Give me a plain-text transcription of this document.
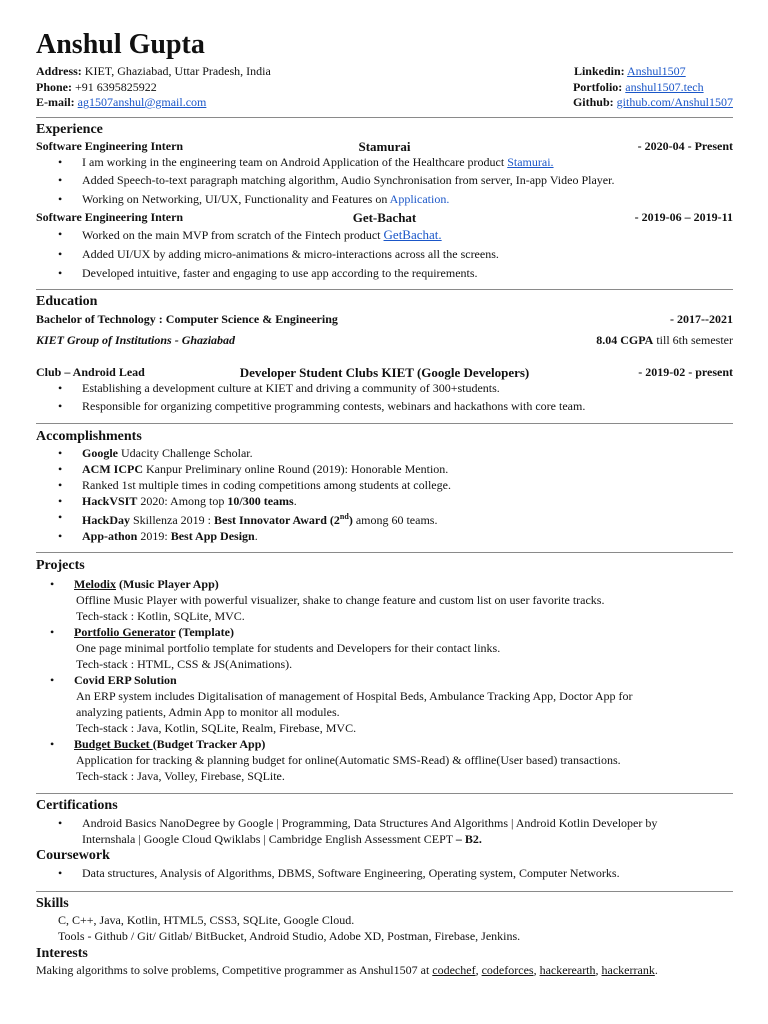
Anshul Gupta
Address: KIET, Ghaziabad, Uttar Pradesh, India
Phone: +91 6395825922
E-mail: ag1507anshul@gmail.com
Linkedin: Anshul1507
Portfolio: anshul1507.tech
Github: github.com/Anshul1507
Experience
Software Engineering Intern	Stamurai	- 2020-04 - Present
• I am working in the engineering team on Android Application of the Healthcare product Stamurai.
• Added Speech-to-text paragraph matching algorithm, Audio Synchronisation from server, In-app Video Player.
• Working on Networking, UI/UX, Functionality and Features on Application.
Software Engineering Intern	Get-Bachat	- 2019-06 – 2019-11
• Worked on the main MVP from scratch of the Fintech product GetBachat.
• Added UI/UX by adding micro-animations & micro-interactions across all the screens.
• Developed intuitive, faster and engaging to use app according to the requirements.
Education
Bachelor of Technology : Computer Science & Engineering	- 2017--2021
KIET Group of Institutions - Ghaziabad	8.04 CGPA till 6th semester
Club – Android Lead	Developer Student Clubs KIET (Google Developers)	- 2019-02 - present
• Establishing a development culture at KIET and driving a community of 300+students.
• Responsible for organizing competitive programming contests, webinars and hackathons with core team.
Accomplishments
• Google Udacity Challenge Scholar.
• ACM ICPC Kanpur Preliminary online Round (2019): Honorable Mention.
• Ranked 1st multiple times in coding competitions among students at college.
• HackVSIT 2020: Among top 10/300 teams.
• HackDay Skillenza 2019 : Best Innovator Award (2nd) among 60 teams.
• App-athon 2019: Best App Design.
Projects
• Melodix (Music Player App)
Offline Music Player with powerful visualizer, shake to change feature and custom list on user favorite tracks.
Tech-stack : Kotlin, SQLite, MVC.
• Portfolio Generator (Template)
One page minimal portfolio template for students and Developers for their contact links.
Tech-stack : HTML, CSS & JS(Animations).
• Covid ERP Solution
An ERP system includes Digitalisation of management of Hospital Beds, Ambulance Tracking App, Doctor App for
analyzing patients, Admin App to monitor all modules.
Tech-stack : Java, Kotlin, SQLite, Realm, Firebase, MVC.
• Budget Bucket (Budget Tracker App)
Application for tracking & planning budget for online(Automatic SMS-Read) & offline(User based) transactions.
Tech-stack : Java, Volley, Firebase, SQLite.
Certifications
• Android Basics NanoDegree by Google | Programming, Data Structures And Algorithms | Android Kotlin Developer by
Internshala | Google Cloud Qwiklabs | Cambridge English Assessment CEPT – B2.
Coursework
• Data structures, Analysis of Algorithms, DBMS, Software Engineering, Operating system, Computer Networks.
Skills
C, C++, Java, Kotlin, HTML5, CSS3, SQLite, Google Cloud.
Tools - Github / Git/ Gitlab/ BitBucket, Android Studio, Adobe XD, Postman, Firebase, Jenkins.
Interests
Making algorithms to solve problems, Competitive programmer as Anshul1507 at codechef, codeforces, hackerearth, hackerrank.
